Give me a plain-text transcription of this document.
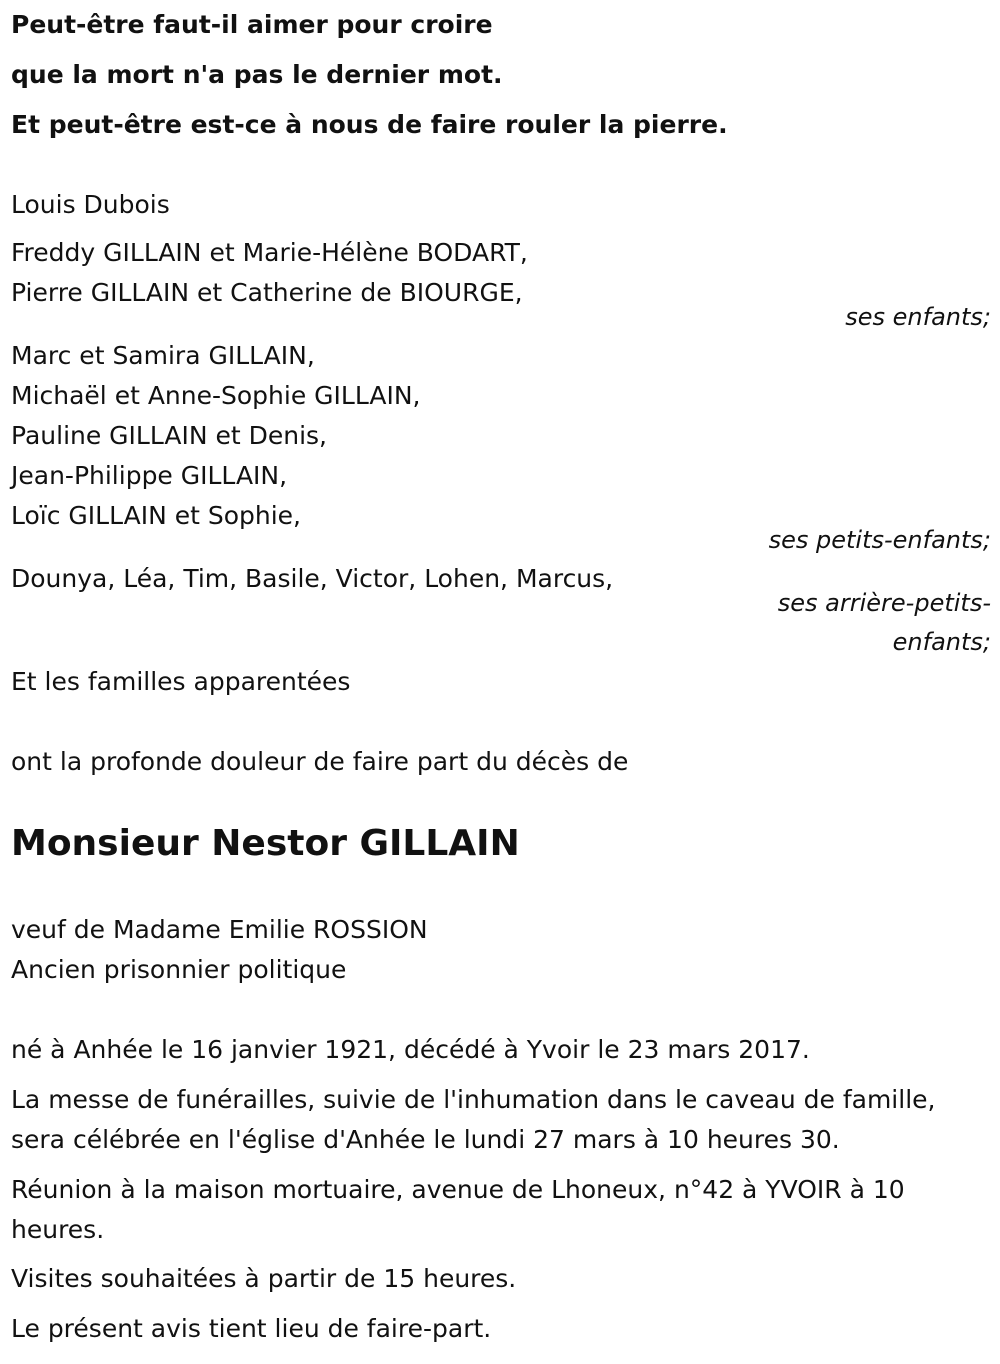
Peut-être faut-il aimer pour croire
que la mort n'a pas le dernier mot.
Et peut-être est-ce à nous de faire rouler la pierre.
Louis Dubois
Freddy GILLAIN et Marie-Hélène BODART,
Pierre GILLAIN et Catherine de BIOURGE,
ses enfants;
Marc et Samira GILLAIN,
Michaël et Anne-Sophie GILLAIN,
Pauline GILLAIN et Denis,
Jean-Philippe GILLAIN,
Loïc GILLAIN et Sophie,
ses petits-enfants;
Dounya, Léa, Tim, Basile, Victor, Lohen, Marcus,
ses arrière-petits-
enfants;
Et les familles apparentées
ont la profonde douleur de faire part du décès de
Monsieur Nestor GILLAIN
veuf de Madame Emilie ROSSION
Ancien prisonnier politique
né à Anhée le 16 janvier 1921, décédé à Yvoir le 23 mars 2017.
La messe de funérailles, suivie de l'inhumation dans le caveau de famille,
sera célébrée en l'église d'Anhée le lundi 27 mars à 10 heures 30.
Réunion à la maison mortuaire, avenue de Lhoneux, n°42 à YVOIR à 10
heures.
Visites souhaitées à partir de 15 heures.
Le présent avis tient lieu de faire-part.
